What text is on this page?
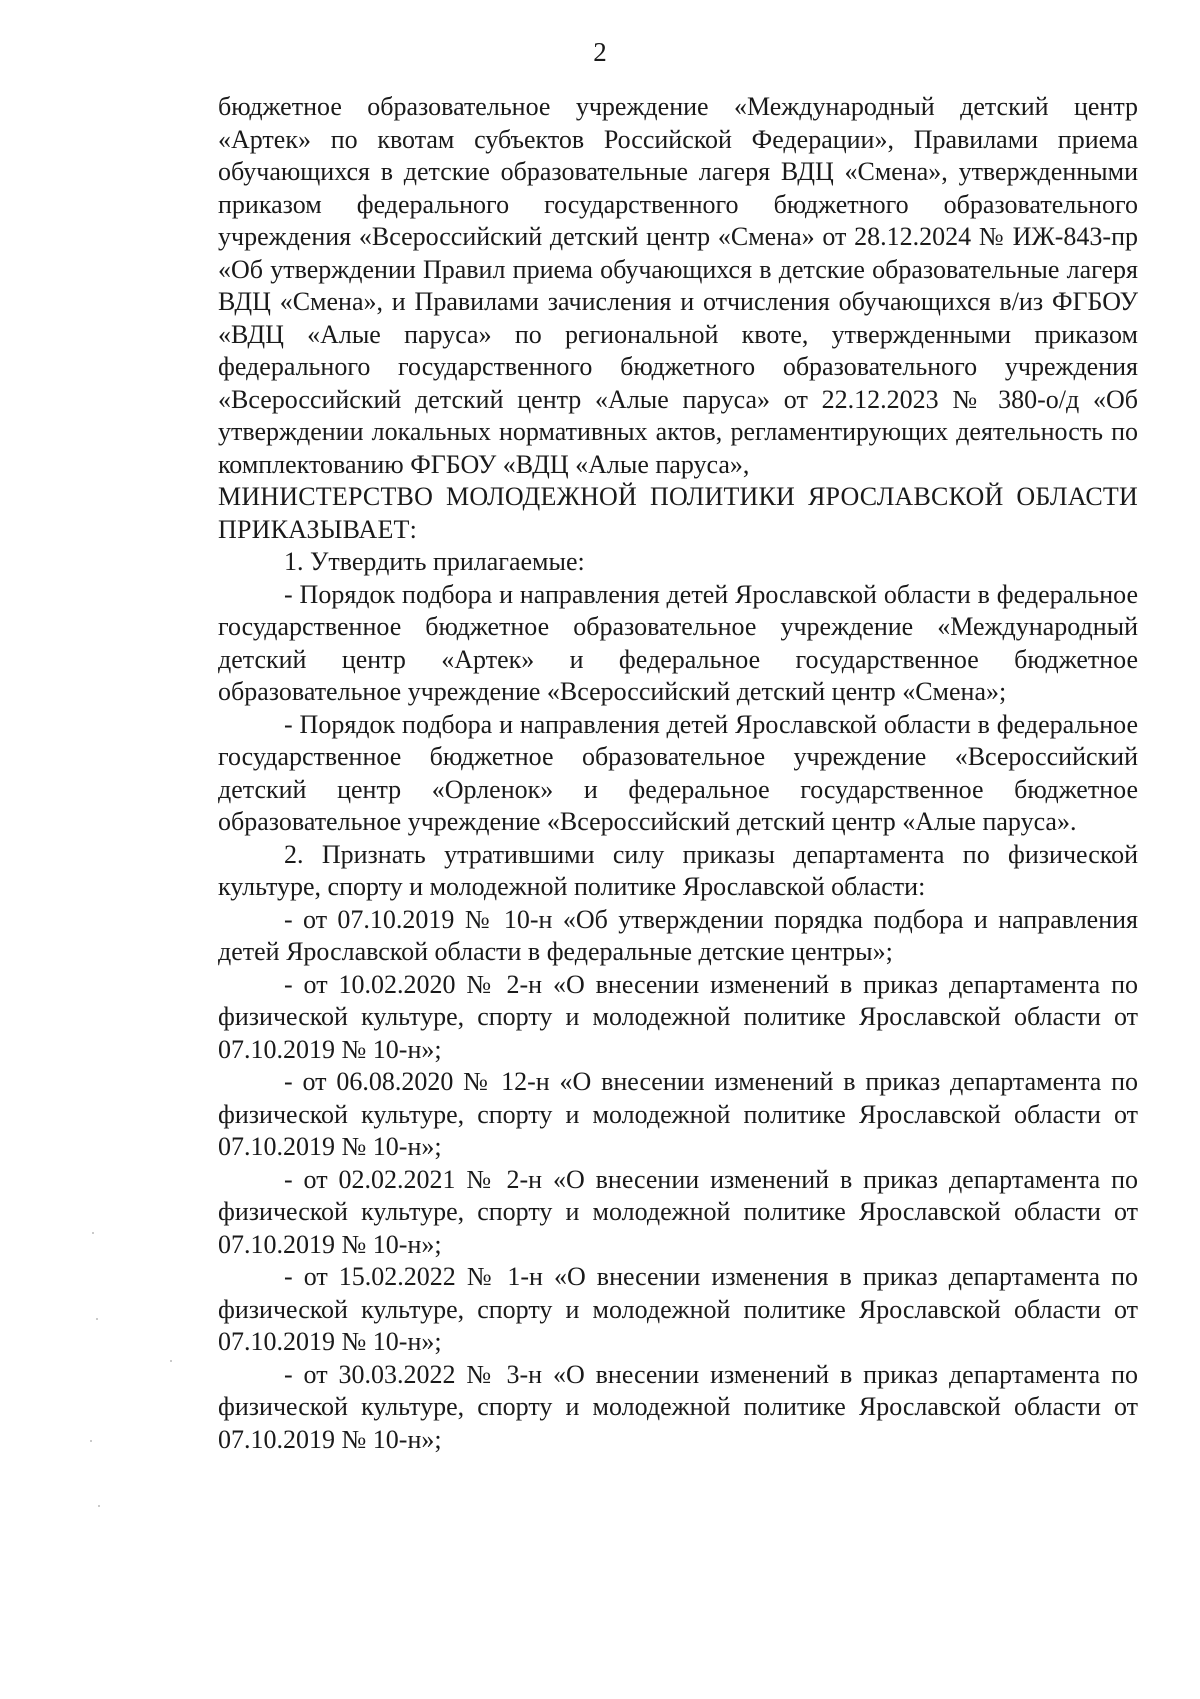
2

бюджетное образовательное учреждение «Международный детский центр «Артек» по квотам субъектов Российской Федерации», Правилами приема обучающихся в детские образовательные лагеря ВДЦ «Смена», утвержденными приказом федерального государственного бюджетного образовательного учреждения «Всероссийский детский центр «Смена» от 28.12.2024 № ИЖ-843-пр «Об утверждении Правил приема обучающихся в детские образовательные лагеря ВДЦ «Смена», и Правилами зачисления и отчисления обучающихся в/из ФГБОУ «ВДЦ «Алые паруса» по региональной квоте, утвержденными приказом федерального государственного бюджетного образовательного учреждения «Всероссийский детский центр «Алые паруса» от 22.12.2023 № 380-о/д «Об утверждении локальных нормативных актов, регламентирующих деятельность по комплектованию ФГБОУ «ВДЦ «Алые паруса»,

МИНИСТЕРСТВО МОЛОДЕЖНОЙ ПОЛИТИКИ ЯРОСЛАВСКОЙ ОБЛАСТИ ПРИКАЗЫВАЕТ:

1. Утвердить прилагаемые:

- Порядок подбора и направления детей Ярославской области в федеральное государственное бюджетное образовательное учреждение «Международный детский центр «Артек» и федеральное государственное бюджетное образовательное учреждение «Всероссийский детский центр «Смена»;

- Порядок подбора и направления детей Ярославской области в федеральное государственное бюджетное образовательное учреждение «Всероссийский детский центр «Орленок» и федеральное государственное бюджетное образовательное учреждение «Всероссийский детский центр «Алые паруса».

2. Признать утратившими силу приказы департамента по физической культуре, спорту и молодежной политике Ярославской области:

- от 07.10.2019 № 10-н «Об утверждении порядка подбора и направления детей Ярославской области в федеральные детские центры»;

- от 10.02.2020 № 2-н «О внесении изменений в приказ департамента по физической культуре, спорту и молодежной политике Ярославской области от 07.10.2019 № 10-н»;

- от 06.08.2020 № 12-н «О внесении изменений в приказ департамента по физической культуре, спорту и молодежной политике Ярославской области от 07.10.2019 № 10-н»;

- от 02.02.2021 № 2-н «О внесении изменений в приказ департамента по физической культуре, спорту и молодежной политике Ярославской области от 07.10.2019 № 10-н»;

- от 15.02.2022 № 1-н «О внесении изменения в приказ департамента по физической культуре, спорту и молодежной политике Ярославской области от 07.10.2019 № 10-н»;

- от 30.03.2022 № 3-н «О внесении изменений в приказ департамента по физической культуре, спорту и молодежной политике Ярославской области от 07.10.2019 № 10-н»;
